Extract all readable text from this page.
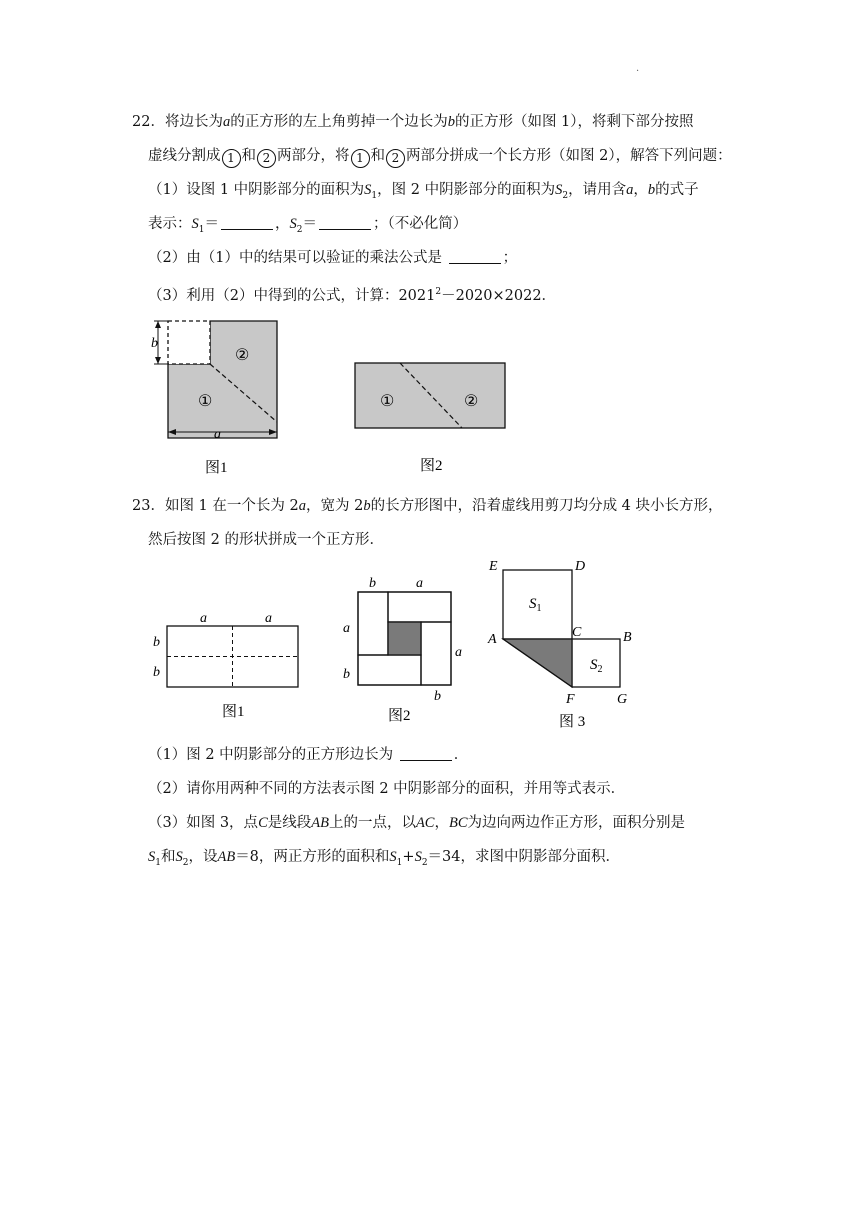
·
22．将边长为a的正方形的左上角剪掉一个边长为b的正方形（如图 1），将剩下部分按照
虚线分割成 1 和 2 两部分，将 1 和 2 两部分拼成一个长方形（如图 2），解答下列问题：
（1）设图 1 中阴影部分的面积为$S_1$，图 2 中阴影部分的面积为$S_2$，请用含a，b的式子
表示：$S_1=$	，$S_2=$	；（不必化简）
（2）由（1）中的结果可以验证的乘法公式是	；
（3）利用（2）中得到的公式，计算：$2021^2-2020\times 2022$．
b
a
①
②
图1
①	②
图2
23．如图 1 在一个长为 2a，宽为 2b的长方形图中，沿着虚线用剪刀均分成 4 块小长方形，
然后按图 2 的形状拼成一个正方形．
a	a
b
b
图1
b	a
a
a
b
b
图2
E	D
$S_1$
A	C	B
$S_2$
F	G
图 3
（1）图 2 中阴影部分的正方形边长为	．
（2）请你用两种不同的方法表示图 2 中阴影部分的面积，并用等式表示．
（3）如图 3，点C是线段AB上的一点，以AC，BC为边向两边作正方形，面积分别是
$S_1$和$S_2$，设AB＝8，两正方形的面积和$S_1+S_2=34$，求图中阴影部分面积．
